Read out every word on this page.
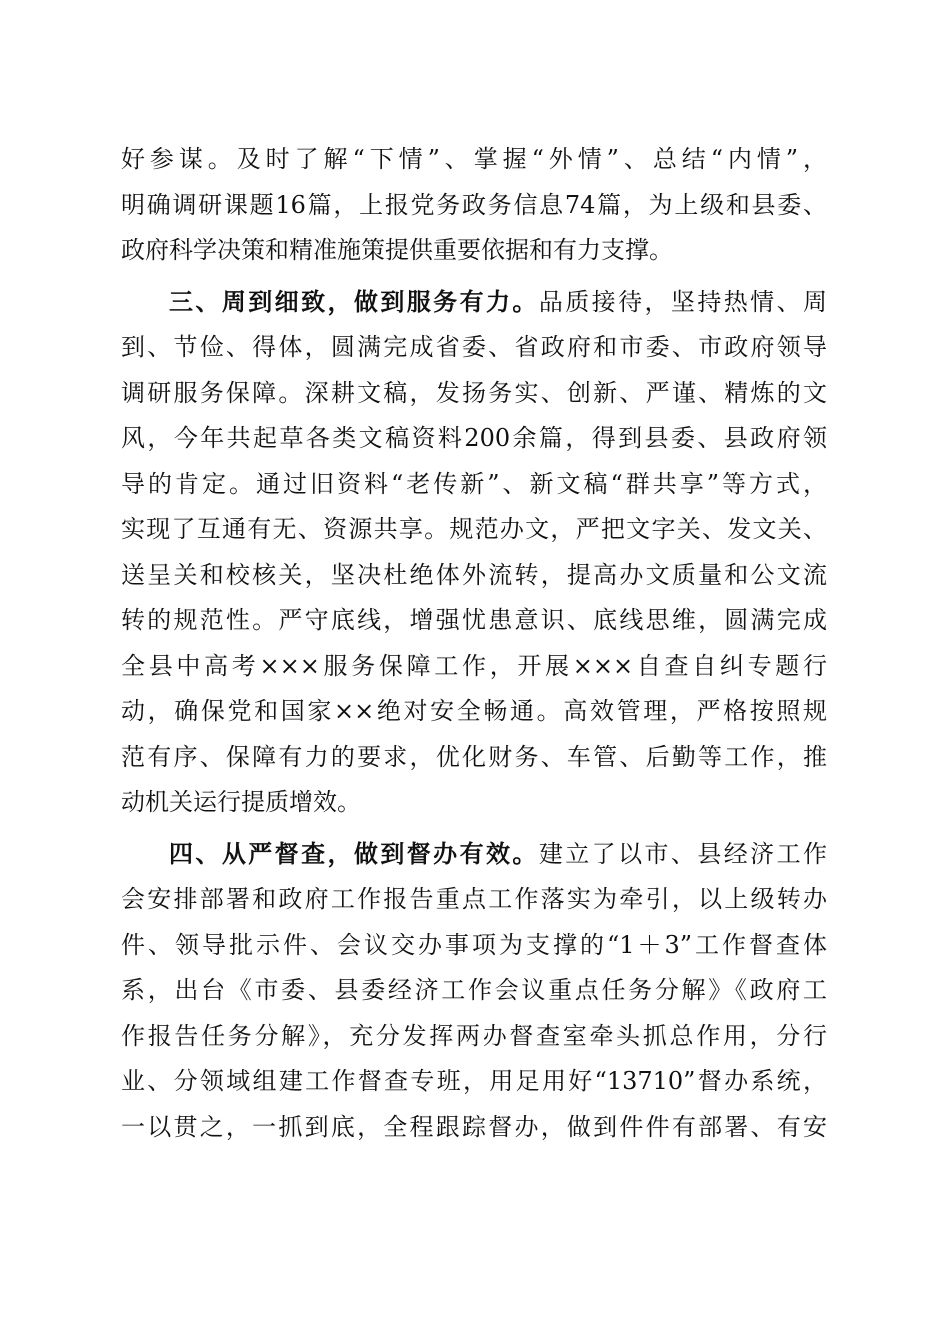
好参谋。及时了解“下情”、掌握“外情”、总结“内情”，
明确调研课题16篇，上报党务政务信息74篇，为上级和县委、
政府科学决策和精准施策提供重要依据和有力支撑。
三、周到细致，做到服务有力。品质接待，坚持热情、周
到、节俭、得体，圆满完成省委、省政府和市委、市政府领导
调研服务保障。深耕文稿，发扬务实、创新、严谨、精炼的文
风，今年共起草各类文稿资料200余篇，得到县委、县政府领
导的肯定。通过旧资料“老传新”、新文稿“群共享”等方式，
实现了互通有无、资源共享。规范办文，严把文字关、发文关、
送呈关和校核关，坚决杜绝体外流转，提高办文质量和公文流
转的规范性。严守底线，增强忧患意识、底线思维，圆满完成
全县中高考×××服务保障工作，开展×××自查自纠专题行
动，确保党和国家××绝对安全畅通。高效管理，严格按照规
范有序、保障有力的要求，优化财务、车管、后勤等工作，推
动机关运行提质增效。
四、从严督查，做到督办有效。建立了以市、县经济工作
会安排部署和政府工作报告重点工作落实为牵引，以上级转办
件、领导批示件、会议交办事项为支撑的“1＋3”工作督查体
系，出台《市委、县委经济工作会议重点任务分解》《政府工
作报告任务分解》，充分发挥两办督查室牵头抓总作用，分行
业、分领域组建工作督查专班，用足用好“13710”督办系统，
一以贯之，一抓到底，全程跟踪督办，做到件件有部署、有安
